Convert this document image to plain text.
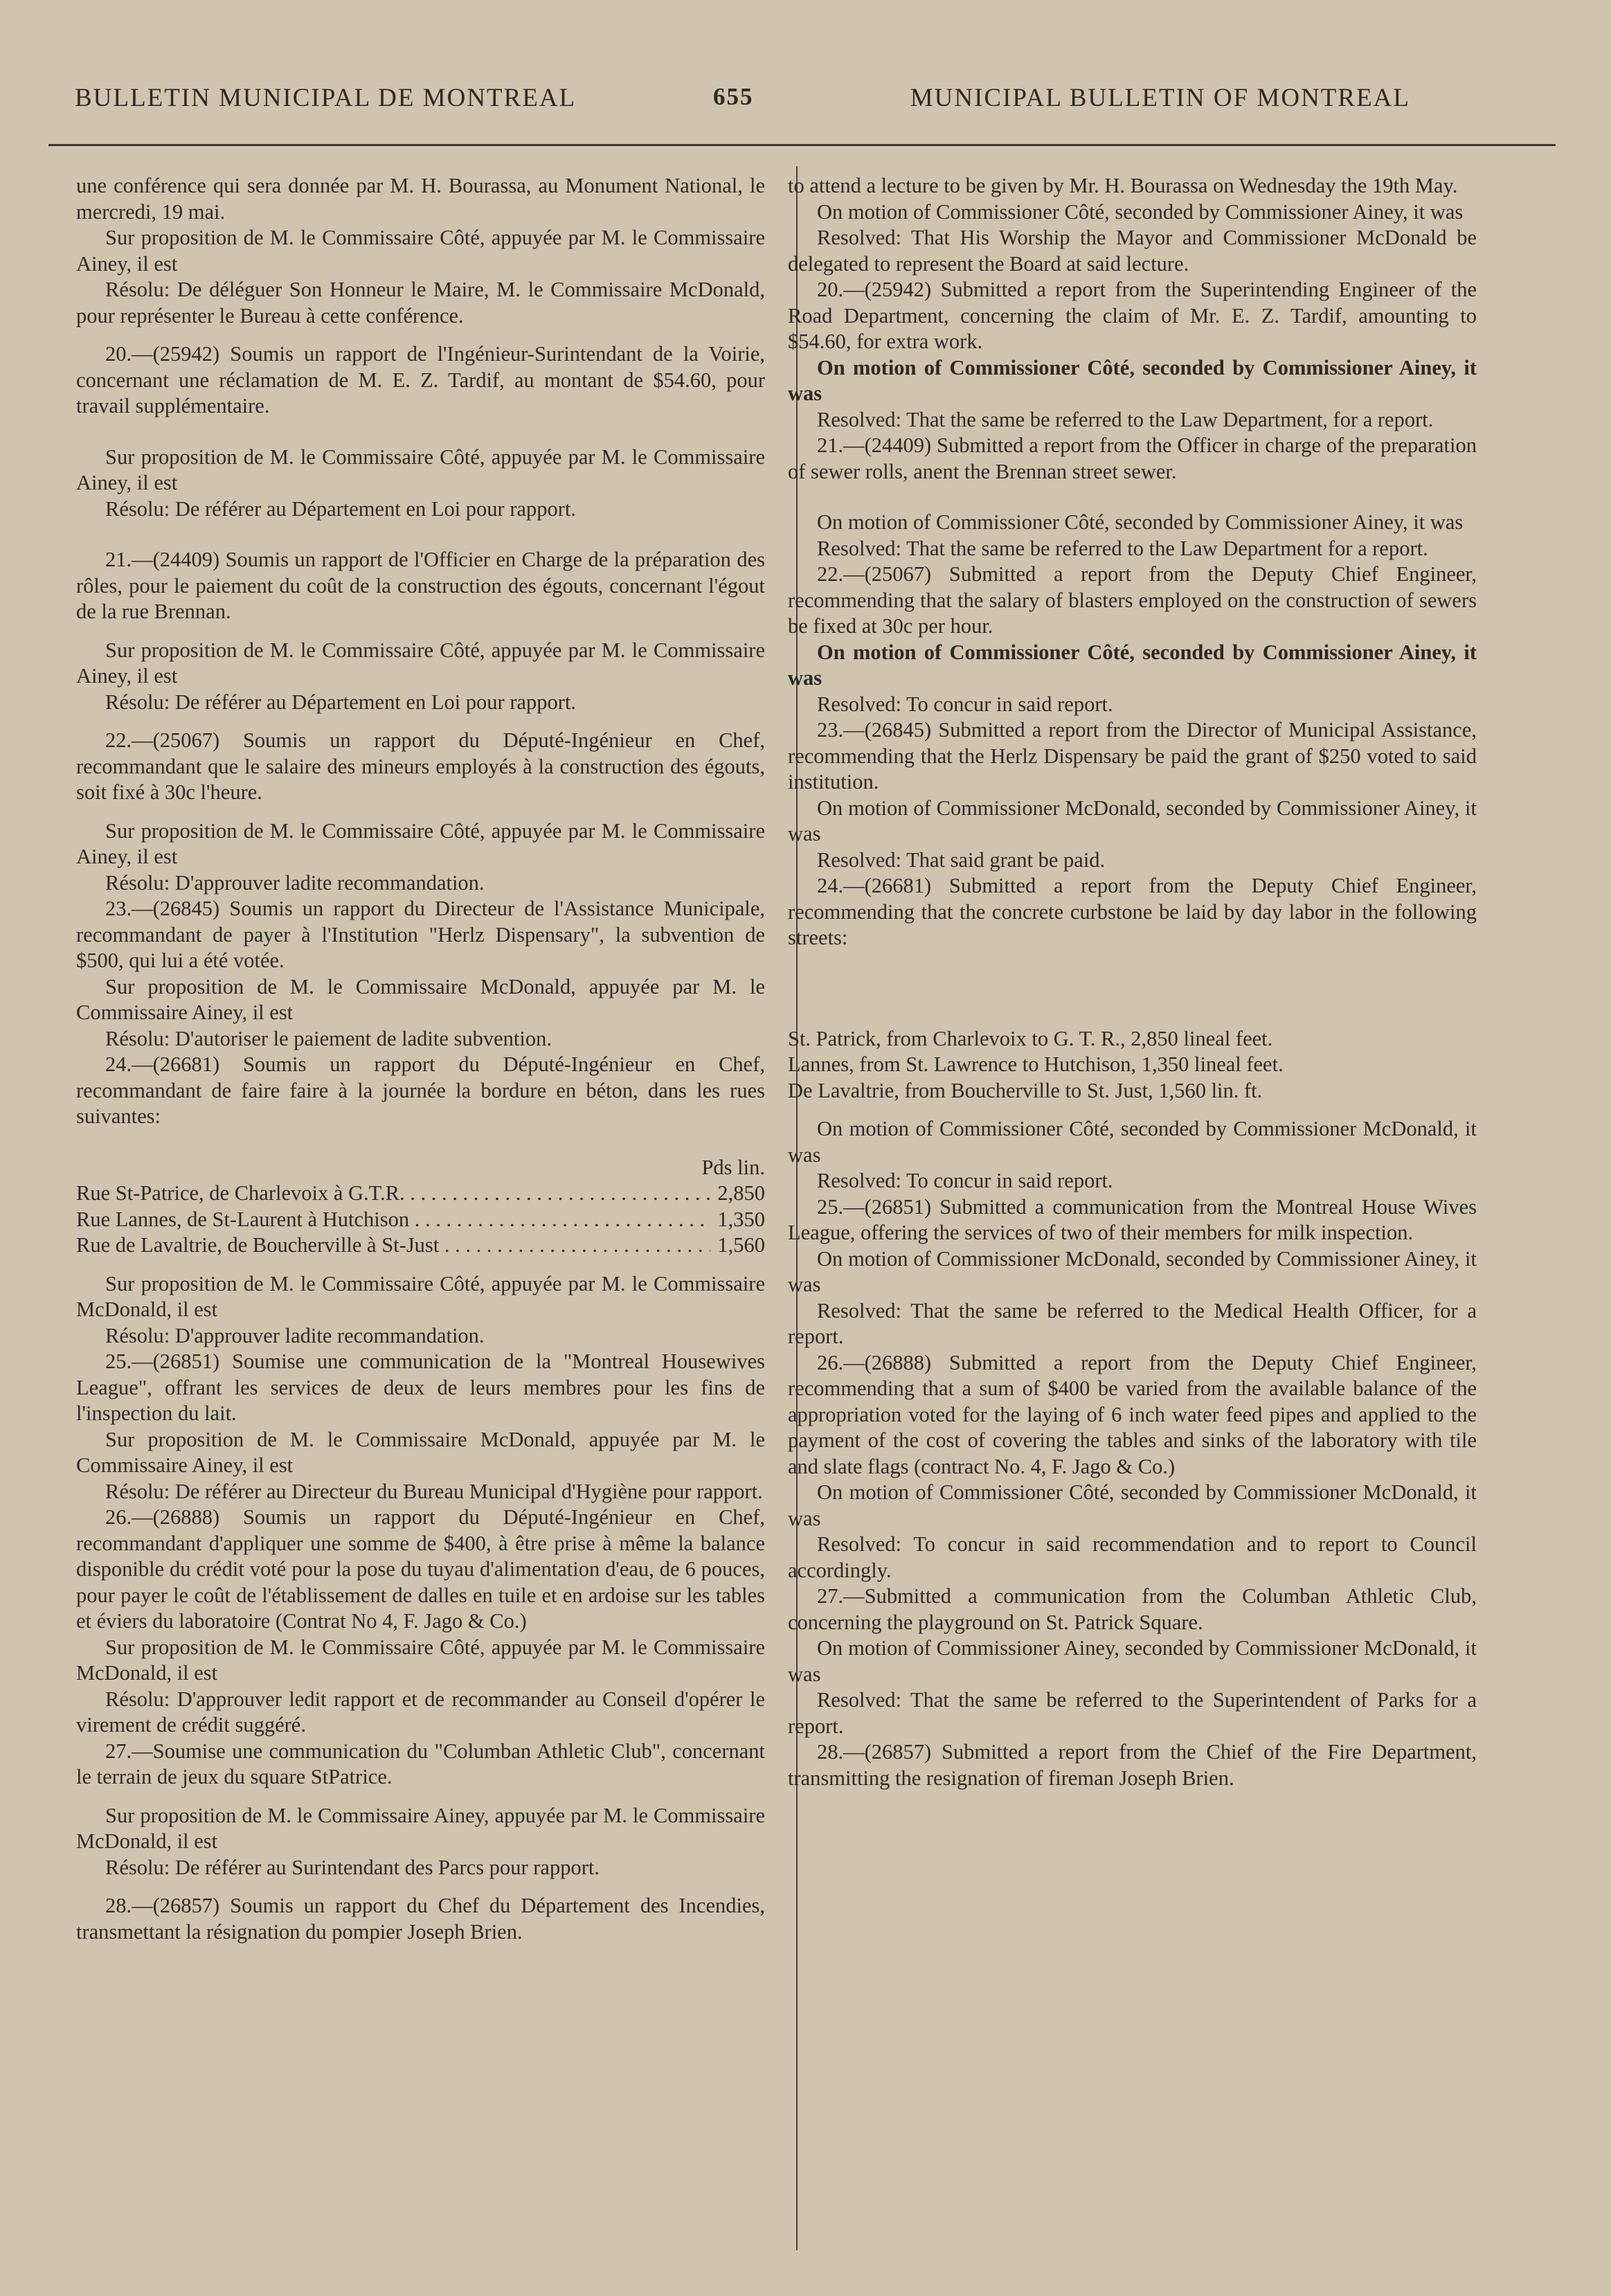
BULLETIN MUNICIPAL DE MONTREAL	655	MUNICIPAL BULLETIN OF MONTREAL

une conférence qui sera donnée par M. H. Bourassa, au Monument National, le mercredi, 19 mai.

Sur proposition de M. le Commissaire Côté, appuyée par M. le Commissaire Ainey, il est

Résolu: De déléguer Son Honneur le Maire, M. le Commissaire McDonald, pour représenter le Bureau à cette conférence.

20.—(25942) Soumis un rapport de l'Ingénieur-Surintendant de la Voirie, concernant une réclamation de M. E. Z. Tardif, au montant de $54.60, pour travail supplémentaire.

Sur proposition de M. le Commissaire Côté, appuyée par M. le Commissaire Ainey, il est

Résolu: De référer au Département en Loi pour rapport.

21.—(24409) Soumis un rapport de l'Officier en Charge de la préparation des rôles, pour le paiement du coût de la construction des égouts, concernant l'égout de la rue Brennan.

Sur proposition de M. le Commissaire Côté, appuyée par M. le Commissaire Ainey, il est

Résolu: De référer au Département en Loi pour rapport.

22.—(25067) Soumis un rapport du Député-Ingénieur en Chef, recommandant que le salaire des mineurs employés à la construction des égouts, soit fixé à 30c l'heure.

Sur proposition de M. le Commissaire Côté, appuyée par M. le Commissaire Ainey, il est

Résolu: D'approuver ladite recommandation.

23.—(26845) Soumis un rapport du Directeur de l'Assistance Municipale, recommandant de payer à l'Institution "Herlz Dispensary", la subvention de $500, qui lui a été votée.

Sur proposition de M. le Commissaire McDonald, appuyée par M. le Commissaire Ainey, il est

Résolu: D'autoriser le paiement de ladite subvention.

24.—(26681) Soumis un rapport du Député-Ingénieur en Chef, recommandant de faire faire à la journée la bordure en béton, dans les rues suivantes:

Pds lin.

Rue St-Patrice, de Charlevoix à G.T.R. . . .	2,850
Rue Lannes, de St-Laurent à Hutchison . . .	1,350
Rue de Lavaltrie, de Boucherville à St-Just . . .	1,560

Sur proposition de M. le Commissaire Côté, appuyée par M. le Commissaire McDonald, il est

Résolu: D'approuver ladite recommandation.

25.—(26851) Soumise une communication de la "Montreal Housewives League", offrant les services de deux de leurs membres pour les fins de l'inspection du lait.

Sur proposition de M. le Commissaire McDonald, appuyée par M. le Commissaire Ainey, il est

Résolu: De référer au Directeur du Bureau Municipal d'Hygiène pour rapport.

26.—(26888) Soumis un rapport du Député-Ingénieur en Chef, recommandant d'appliquer une somme de $400, à être prise à même la balance disponible du crédit voté pour la pose du tuyau d'alimentation d'eau, de 6 pouces, pour payer le coût de l'établissement de dalles en tuile et en ardoise sur les tables et éviers du laboratoire (Contrat No 4, F. Jago & Co.)

Sur proposition de M. le Commissaire Côté, appuyée par M. le Commissaire McDonald, il est

Résolu: D'approuver ledit rapport et de recommander au Conseil d'opérer le virement de crédit suggéré.

27.—Soumise une communication du "Columban Athletic Club", concernant le terrain de jeux du square StPatrice.

Sur proposition de M. le Commissaire Ainey, appuyée par M. le Commissaire McDonald, il est

Résolu: De référer au Surintendant des Parcs pour rapport.

28.—(26857) Soumis un rapport du Chef du Département des Incendies, transmettant la résignation du pompier Joseph Brien.

to attend a lecture to be given by Mr. H. Bourassa on Wednesday the 19th May.

On motion of Commissioner Côté, seconded by Commissioner Ainey, it was

Resolved: That His Worship the Mayor and Commissioner McDonald be delegated to represent the Board at said lecture.

20.—(25942) Submitted a report from the Superintending Engineer of the Road Department, concerning the claim of Mr. E. Z. Tardif, amounting to $54.60, for extra work.

On motion of Commissioner Côté, seconded by Commissioner Ainey, it was

Resolved: That the same be referred to the Law Department, for a report.

21.—(24409) Submitted a report from the Officer in charge of the preparation of sewer rolls, anent the Brennan street sewer.

On motion of Commissioner Côté, seconded by Commissioner Ainey, it was

Resolved: That the same be referred to the Law Department for a report.

22.—(25067) Submitted a report from the Deputy Chief Engineer, recommending that the salary of blasters employed on the construction of sewers be fixed at 30c per hour.

On motion of Commissioner Côté, seconded by Commissioner Ainey, it was

Resolved: To concur in said report.

23.—(26845) Submitted a report from the Director of Municipal Assistance, recommending that the Herlz Dispensary be paid the grant of $250 voted to said institution.

On motion of Commissioner McDonald, seconded by Commissioner Ainey, it was

Resolved: That said grant be paid.

24.—(26681) Submitted a report from the Deputy Chief Engineer, recommending that the concrete curbstone be laid by day labor in the following streets:

St. Patrick, from Charlevoix to G. T. R., 2,850 lineal feet.

Lannes, from St. Lawrence to Hutchison, 1,350 lineal feet.

De Lavaltrie, from Boucherville to St. Just, 1,560 lin. ft.

On motion of Commissioner Côté, seconded by Commissioner McDonald, it was

Resolved: To concur in said report.

25.—(26851) Submitted a communication from the Montreal House Wives League, offering the services of two of their members for milk inspection.

On motion of Commissioner McDonald, seconded by Commissioner Ainey, it was

Resolved: That the same be referred to the Medical Health Officer, for a report.

26.—(26888) Submitted a report from the Deputy Chief Engineer, recommending that a sum of $400 be varied from the available balance of the appropriation voted for the laying of 6 inch water feed pipes and applied to the payment of the cost of covering the tables and sinks of the laboratory with tile and slate flags (contract No. 4, F. Jago & Co.)

On motion of Commissioner Côté, seconded by Commissioner McDonald, it was

Resolved: To concur in said recommendation and to report to Council accordingly.

27.—Submitted a communication from the Columban Athletic Club, concerning the playground on St. Patrick Square.

On motion of Commissioner Ainey, seconded by Commissioner McDonald, it was

Resolved: That the same be referred to the Superintendent of Parks for a report.

28.—(26857) Submitted a report from the Chief of the Fire Department, transmitting the resignation of fireman Joseph Brien.
